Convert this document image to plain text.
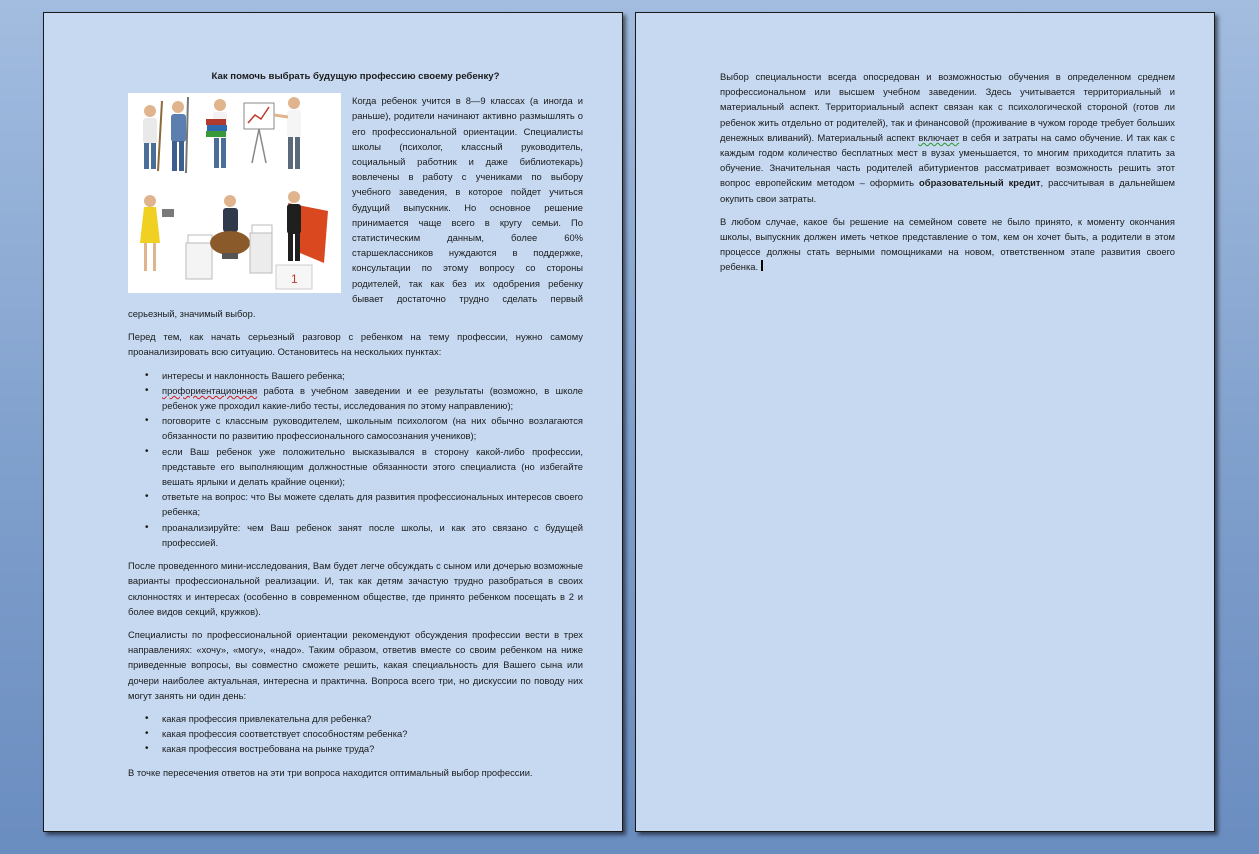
Как помочь выбрать будущую профессию своему ребенку?
1

Когда ребенок учится в 8—9 классах (а иногда и раньше), родители начинают активно размышлять о его профессиональной ориентации. Специалисты школы (психолог, классный руководитель, социальный работник и даже библиотекарь) вовлечены в работу с учениками по выбору учебного заведения, в которое пойдет учиться будущий выпускник. Но основное решение принимается чаще всего в кругу семьи. По статистическим данным, более 60% старшеклассников нуждаются в поддержке, консультации по этому вопросу со стороны родителей, так как без их одобрения ребенку бывает достаточно трудно сделать первый серьезный, значимый выбор.

Перед тем, как начать серьезный разговор с ребенком на тему профессии, нужно самому проанализировать всю ситуацию. Остановитесь на нескольких пунктах:

• интересы и наклонность Вашего ребенка;
• профориентационная работа в учебном заведении и ее результаты (возможно, в школе ребенок уже проходил какие-либо тесты, исследования по этому направлению);
• поговорите с классным руководителем, школьным психологом (на них обычно возлагаются обязанности по развитию профессионального самосознания учеников);
• если Ваш ребенок уже положительно высказывался в сторону какой-либо профессии, представьте его выполняющим должностные обязанности этого специалиста (но избегайте вешать ярлыки и делать крайние оценки);
• ответьте на вопрос: что Вы можете сделать для развития профессиональных интересов своего ребенка;
• проанализируйте: чем Ваш ребенок занят после школы, и как это связано с будущей профессией.

После проведенного мини-исследования, Вам будет легче обсуждать с сыном или дочерью возможные варианты профессиональной реализации. И, так как детям зачастую трудно разобраться в своих склонностях и интересах (особенно в современном обществе, где принято ребенком посещать в 2 и более видов секций, кружков).

Специалисты по профессиональной ориентации рекомендуют обсуждения профессии вести в трех направлениях: «хочу», «могу», «надо». Таким образом, ответив вместе со своим ребенком на ниже приведенные вопросы, вы совместно сможете решить, какая специальность для Вашего сына или дочери наиболее актуальная, интересна и практична. Вопроса всего три, но дискуссии по поводу них могут занять ни один день:

• какая профессия привлекательна для ребенка?
• какая профессия соответствует способностям ребенка?
• какая профессия востребована на рынке труда?

В точке пересечения ответов на эти три вопроса находится оптимальный выбор профессии.

Выбор специальности всегда опосредован и возможностью обучения в определенном среднем профессиональном или высшем учебном заведении. Здесь учитывается территориальный и материальный аспект. Территориальный аспект связан как с психологической стороной (готов ли ребенок жить отдельно от родителей), так и финансовой (проживание в чужом городе требует больших денежных вливаний). Материальный аспект включает в себя и затраты на само обучение. И так как с каждым годом количество бесплатных мест в вузах уменьшается, то многим приходится платить за обучение. Значительная часть родителей абитуриентов рассматривает возможность решить этот вопрос европейским методом – оформить образовательный кредит, рассчитывая в дальнейшем окупить свои затраты.

В любом случае, какое бы решение на семейном совете не было принято, к моменту окончания школы, выпускник должен иметь четкое представление о том, кем он хочет быть, а родители в этом процессе должны стать верными помощниками на новом, ответственном этапе развития своего ребенка.
